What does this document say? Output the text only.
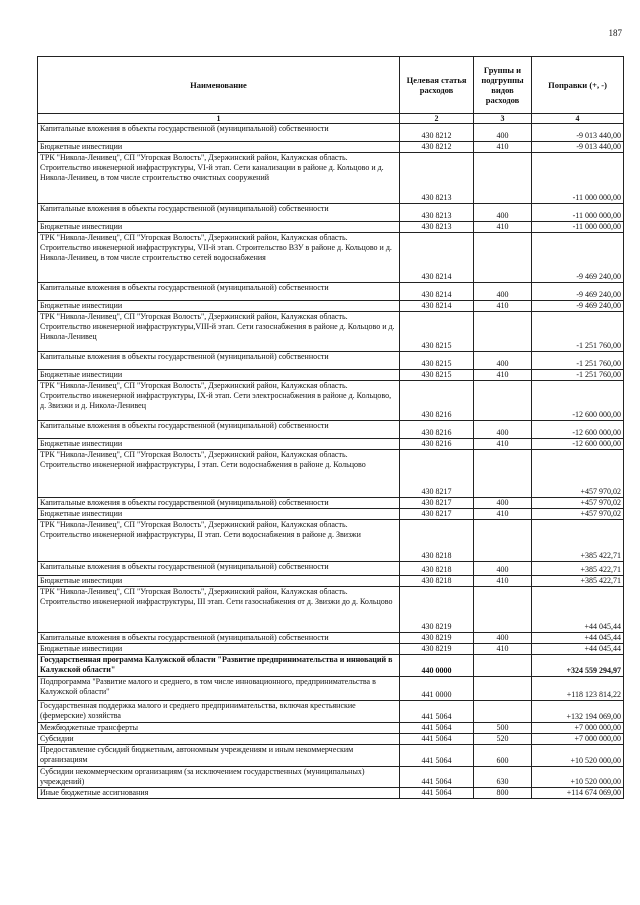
187
Наименование	Целевая статья расходов	Группы и подгруппы видов расходов	Поправки (+, -)
1	2	3	4
Капитальные вложения в объекты государственной (муниципальной) собственности	430 8212	400	-9 013 440,00
Бюджетные инвестиции	430 8212	410	-9 013 440,00
ТРК "Никола-Ленивец", СП "Угорская Волость", Дзержинский район, Калужская область. Строительство инженерной инфраструктуры, VI-й этап. Сети канализации в районе д. Кольцово и д. Никола-Ленивец, в том числе строительство очистных сооружений	430 8213		-11 000 000,00
Капитальные вложения в объекты государственной (муниципальной) собственности	430 8213	400	-11 000 000,00
Бюджетные инвестиции	430 8213	410	-11 000 000,00
ТРК "Никола-Ленивец", СП "Угорская Волость", Дзержинский район, Калужская область. Строительство инженерной инфраструктуры, VII-й этап. Строительство ВЗУ в районе д. Кольцово и д. Никола-Ленивец, в том числе строительство сетей водоснабжения	430 8214		-9 469 240,00
Капитальные вложения в объекты государственной (муниципальной) собственности	430 8214	400	-9 469 240,00
Бюджетные инвестиции	430 8214	410	-9 469 240,00
ТРК "Никола-Ленивец", СП "Угорская Волость", Дзержинский район, Калужская область. Строительство инженерной инфраструктуры,VIII-й этап. Сети газоснабжения в районе д. Кольцово и д. Никола-Ленивец	430 8215		-1 251 760,00
Капитальные вложения в объекты государственной (муниципальной) собственности	430 8215	400	-1 251 760,00
Бюджетные инвестиции	430 8215	410	-1 251 760,00
ТРК "Никола-Ленивец", СП "Угорская Волость", Дзержинский район, Калужская область. Строительство инженерной инфраструктуры, IX-й этап. Сети электроснабжения в районе д. Кольцово, д. Звизжи и д. Никола-Ленивец	430 8216		-12 600 000,00
Капитальные вложения в объекты государственной (муниципальной) собственности	430 8216	400	-12 600 000,00
Бюджетные инвестиции	430 8216	410	-12 600 000,00
ТРК "Никола-Ленивец", СП "Угорская Волость", Дзержинский район, Калужская область. Строительство инженерной инфраструктуры, I этап. Сети водоснабжения в районе д. Кольцово	430 8217		+457 970,02
Капитальные вложения в объекты государственной (муниципальной) собственности	430 8217	400	+457 970,02
Бюджетные инвестиции	430 8217	410	+457 970,02
ТРК "Никола-Ленивец", СП "Угорская Волость", Дзержинский район, Калужская область. Строительство инженерной инфраструктуры, II этап. Сети водоснабжения в районе д. Звизжи	430 8218		+385 422,71
Капитальные вложения в объекты государственной (муниципальной) собственности	430 8218	400	+385 422,71
Бюджетные инвестиции	430 8218	410	+385 422,71
ТРК "Никола-Ленивец", СП "Угорская Волость", Дзержинский район, Калужская область. Строительство инженерной инфраструктуры, III этап. Сети газоснабжения от д. Звизжи до д. Кольцово	430 8219		+44 045,44
Капитальные вложения в объекты государственной (муниципальной) собственности	430 8219	400	+44 045,44
Бюджетные инвестиции	430 8219	410	+44 045,44
Государственная программа Калужской области "Развитие предпринимательства и инноваций в Калужской области"	440 0000		+324 559 294,97
Подпрограмма "Развитие малого и среднего, в том числе инновационного, предпринимательства в Калужской области"	441 0000		+118 123 814,22
Государственная поддержка малого и среднего предпринимательства, включая крестьянские (фермерские) хозяйства	441 5064		+132 194 069,00
Межбюджетные трансферты	441 5064	500	+7 000 000,00
Субсидии	441 5064	520	+7 000 000,00
Предоставление субсидий бюджетным, автономным учреждениям и иным некоммерческим организациям	441 5064	600	+10 520 000,00
Субсидии некоммерческим организациям (за исключением государственных (муниципальных) учреждений)	441 5064	630	+10 520 000,00
Иные бюджетные ассигнования	441 5064	800	+114 674 069,00
